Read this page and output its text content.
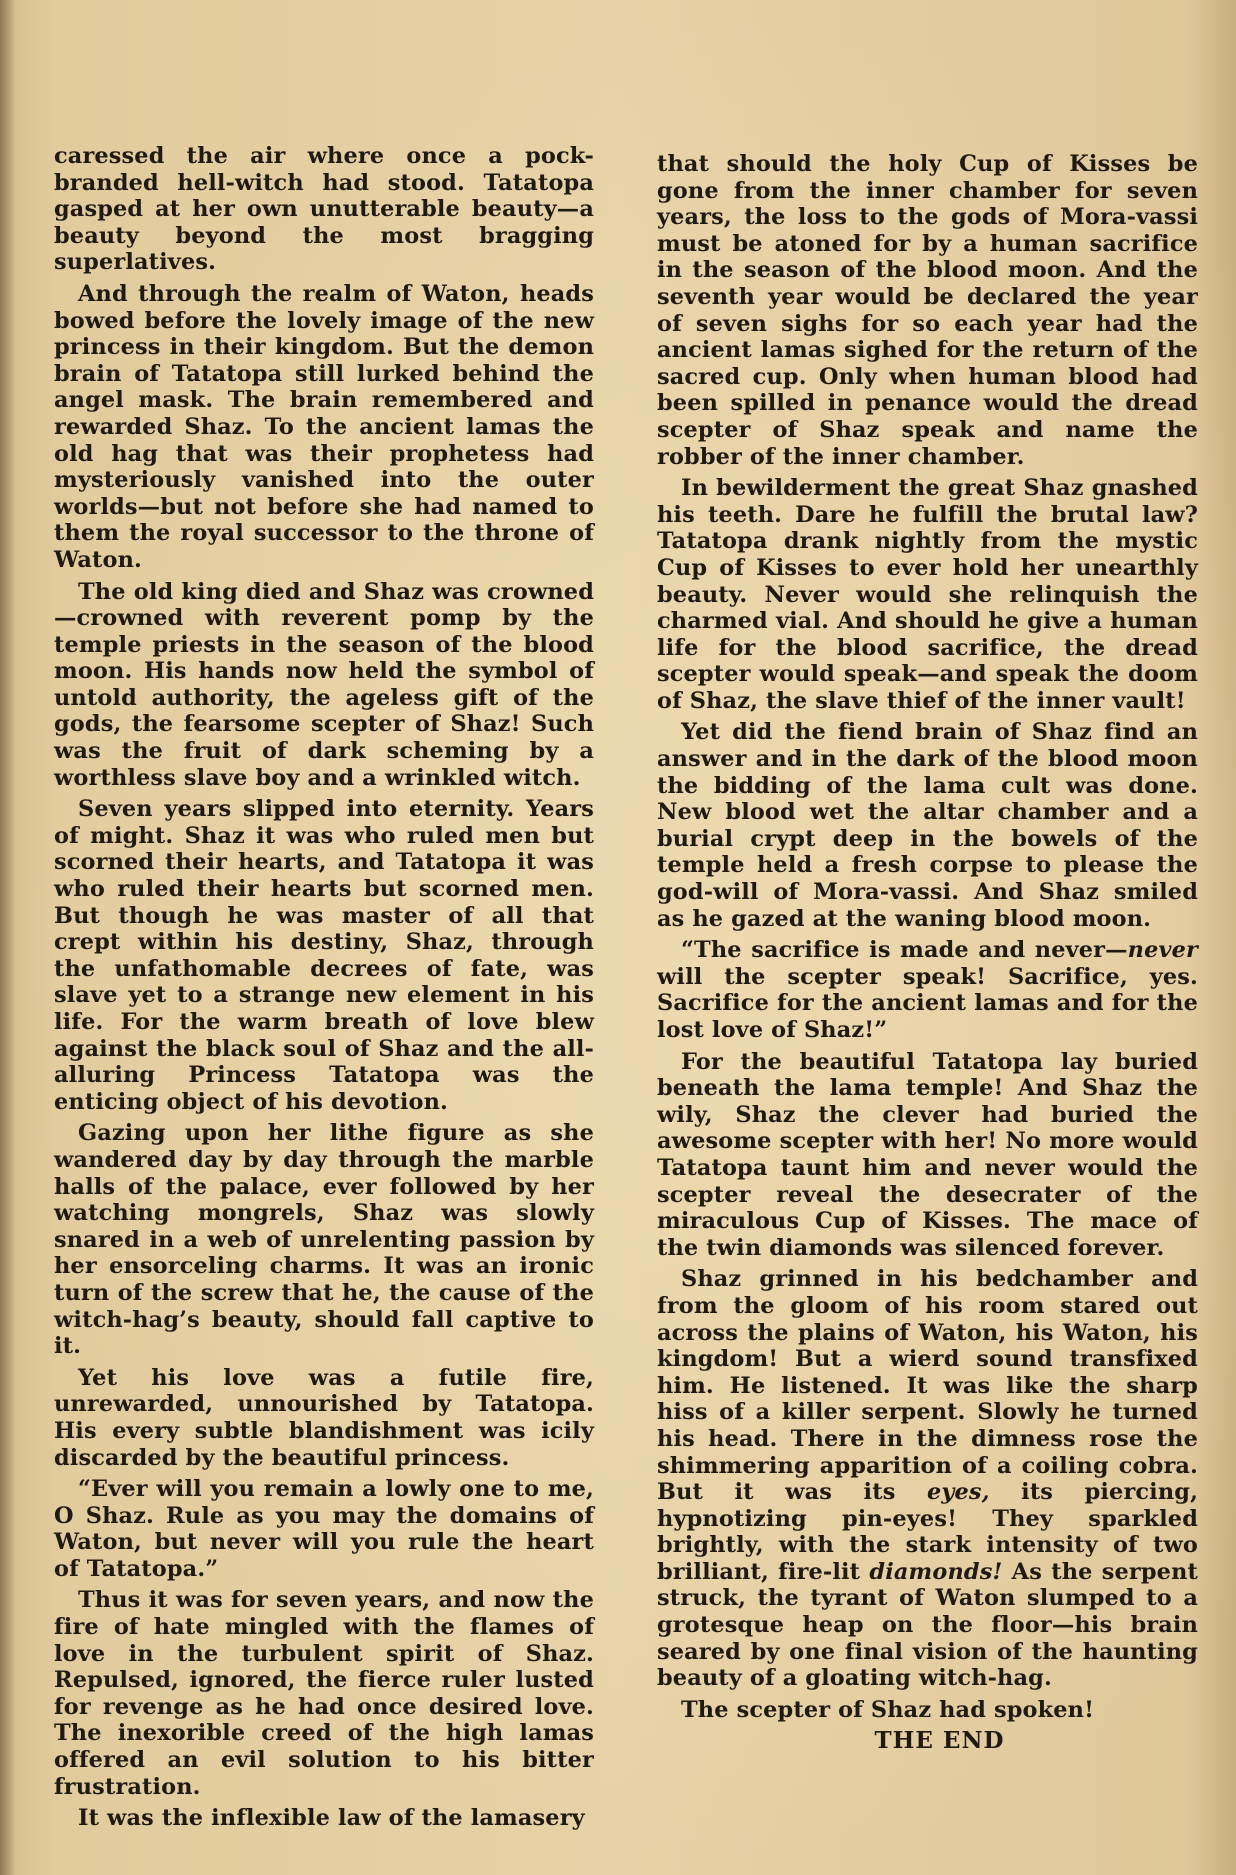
caressed the air where once a pock-branded hell-witch had stood. Tatatopa gasped at her own unutterable beauty—a beauty beyond the most bragging superlatives.

And through the realm of Waton, heads bowed before the lovely image of the new princess in their kingdom. But the demon brain of Tatatopa still lurked behind the angel mask. The brain remembered and rewarded Shaz. To the ancient lamas the old hag that was their prophetess had mysteriously vanished into the outer worlds—but not before she had named to them the royal successor to the throne of Waton.

The old king died and Shaz was crowned —crowned with reverent pomp by the temple priests in the season of the blood moon. His hands now held the symbol of untold authority, the ageless gift of the gods, the fearsome scepter of Shaz! Such was the fruit of dark scheming by a worthless slave boy and a wrinkled witch.

Seven years slipped into eternity. Years of might. Shaz it was who ruled men but scorned their hearts, and Tatatopa it was who ruled their hearts but scorned men. But though he was master of all that crept within his destiny, Shaz, through the unfathomable decrees of fate, was slave yet to a strange new element in his life. For the warm breath of love blew against the black soul of Shaz and the all-alluring Princess Tatatopa was the enticing object of his devotion.

Gazing upon her lithe figure as she wandered day by day through the marble halls of the palace, ever followed by her watching mongrels, Shaz was slowly snared in a web of unrelenting passion by her ensorceling charms. It was an ironic turn of the screw that he, the cause of the witch-hag’s beauty, should fall captive to it.

Yet his love was a futile fire, unrewarded, unnourished by Tatatopa. His every subtle blandishment was icily discarded by the beautiful princess.

“Ever will you remain a lowly one to me, O Shaz. Rule as you may the domains of Waton, but never will you rule the heart of Tatatopa.”

Thus it was for seven years, and now the fire of hate mingled with the flames of love in the turbulent spirit of Shaz. Repulsed, ignored, the fierce ruler lusted for revenge as he had once desired love. The inexorible creed of the high lamas offered an evil solution to his bitter frustration.

It was the inflexible law of the lamasery

that should the holy Cup of Kisses be gone from the inner chamber for seven years, the loss to the gods of Mora-vassi must be atoned for by a human sacrifice in the season of the blood moon. And the seventh year would be declared the year of seven sighs for so each year had the ancient lamas sighed for the return of the sacred cup. Only when human blood had been spilled in penance would the dread scepter of Shaz speak and name the robber of the inner chamber.

In bewilderment the great Shaz gnashed his teeth. Dare he fulfill the brutal law? Tatatopa drank nightly from the mystic Cup of Kisses to ever hold her unearthly beauty. Never would she relinquish the charmed vial. And should he give a human life for the blood sacrifice, the dread scepter would speak—and speak the doom of Shaz, the slave thief of the inner vault!

Yet did the fiend brain of Shaz find an answer and in the dark of the blood moon the bidding of the lama cult was done. New blood wet the altar chamber and a burial crypt deep in the bowels of the temple held a fresh corpse to please the god-will of Mora-vassi. And Shaz smiled as he gazed at the waning blood moon.

“The sacrifice is made and never—never will the scepter speak! Sacrifice, yes. Sacrifice for the ancient lamas and for the lost love of Shaz!”

For the beautiful Tatatopa lay buried beneath the lama temple! And Shaz the wily, Shaz the clever had buried the awesome scepter with her! No more would Tatatopa taunt him and never would the scepter reveal the desecrater of the miraculous Cup of Kisses. The mace of the twin diamonds was silenced forever.

Shaz grinned in his bedchamber and from the gloom of his room stared out across the plains of Waton, his Waton, his kingdom! But a wierd sound transfixed him. He listened. It was like the sharp hiss of a killer serpent. Slowly he turned his head. There in the dimness rose the shimmering apparition of a coiling cobra. But it was its eyes, its piercing, hypnotizing pin-eyes! They sparkled brightly, with the stark intensity of two brilliant, fire-lit diamonds! As the serpent struck, the tyrant of Waton slumped to a grotesque heap on the floor—his brain seared by one final vision of the haunting beauty of a gloating witch-hag.

The scepter of Shaz had spoken!

THE END
